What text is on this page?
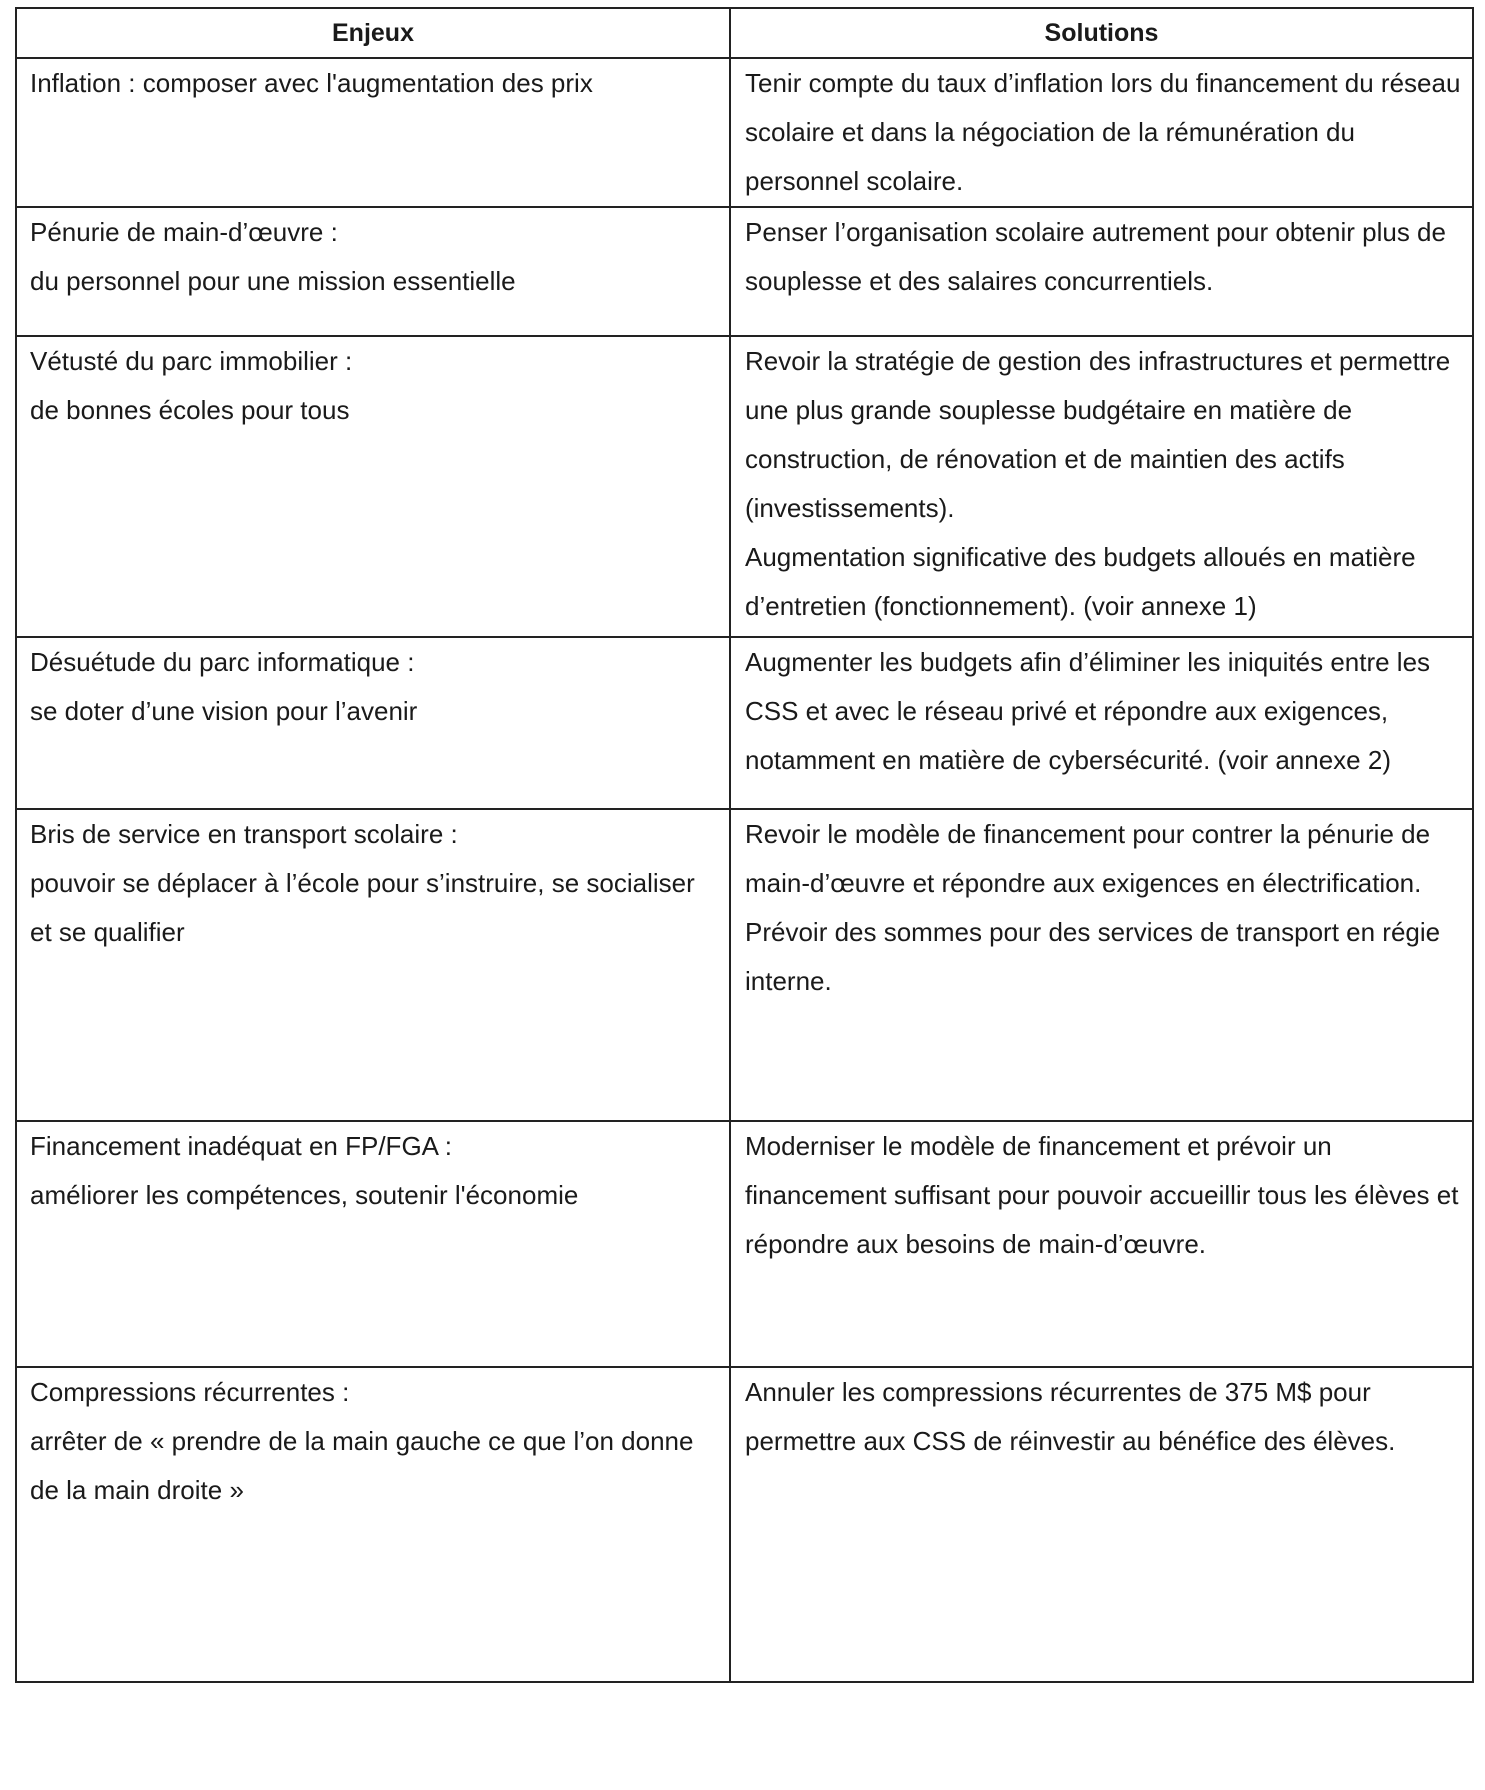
Enjeux	Solutions

Inflation : composer avec l'augmentation des prix	Tenir compte du taux d’inflation lors du financement du réseau scolaire et dans la négociation de la rémunération du personnel scolaire.

Pénurie de main-d’œuvre :
du personnel pour une mission essentielle	Penser l’organisation scolaire autrement pour obtenir plus de souplesse et des salaires concurrentiels.

Vétusté du parc immobilier :
de bonnes écoles pour tous	Revoir la stratégie de gestion des infrastructures et permettre une plus grande souplesse budgétaire en matière de construction, de rénovation et de maintien des actifs (investissements).
Augmentation significative des budgets alloués en matière d’entretien (fonctionnement). (voir annexe 1)

Désuétude du parc informatique :
se doter d’une vision pour l’avenir	Augmenter les budgets afin d’éliminer les iniquités entre les CSS et avec le réseau privé et répondre aux exigences, notamment en matière de cybersécurité. (voir annexe 2)

Bris de service en transport scolaire :
pouvoir se déplacer à l’école pour s’instruire, se socialiser et se qualifier	Revoir le modèle de financement pour contrer la pénurie de main-d’œuvre et répondre aux exigences en électrification.
Prévoir des sommes pour des services de transport en régie interne.

Financement inadéquat en FP/FGA :
améliorer les compétences, soutenir l'économie	Moderniser le modèle de financement et prévoir un financement suffisant pour pouvoir accueillir tous les élèves et répondre aux besoins de main-d’œuvre.

Compressions récurrentes :
arrêter de « prendre de la main gauche ce que l’on donne de la main droite »	Annuler les compressions récurrentes de 375 M$ pour permettre aux CSS de réinvestir au bénéfice des élèves.
